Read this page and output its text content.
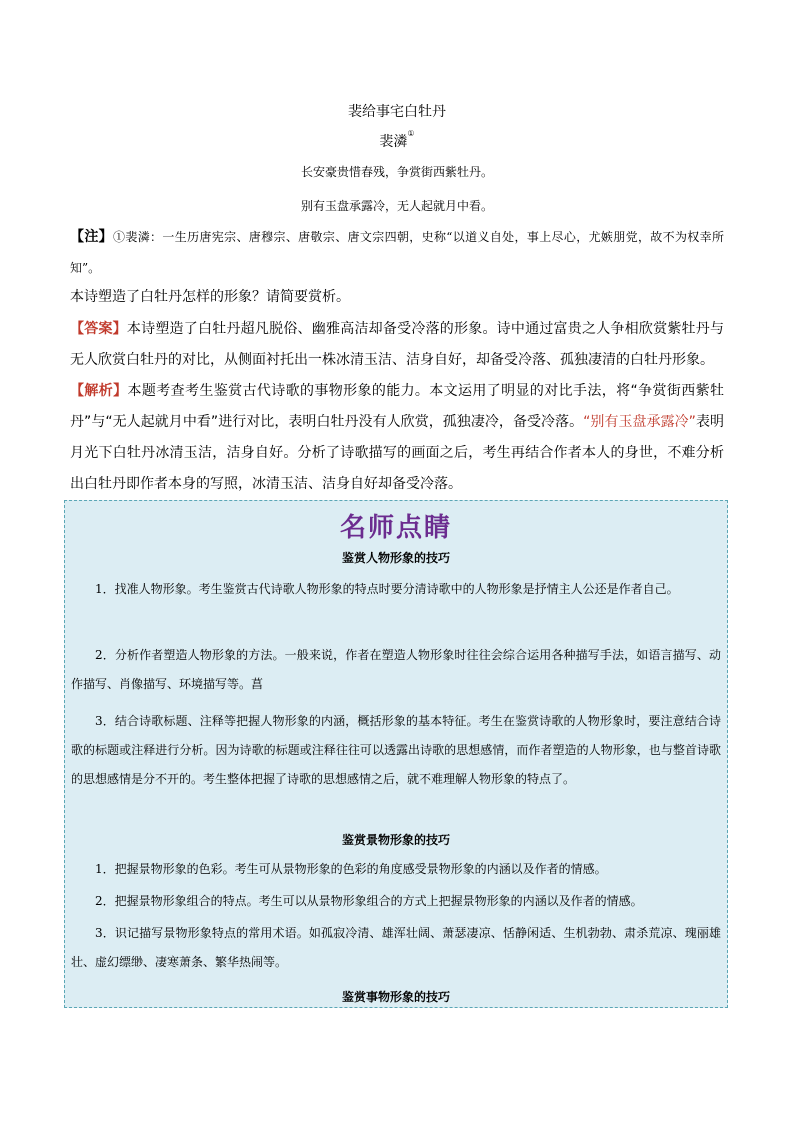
裴给事宅白牡丹
裴潾①
长安豪贵惜春残，争赏街西紫牡丹。
别有玉盘承露冷，无人起就月中看。
【注】①裴潾：一生历唐宪宗、唐穆宗、唐敬宗、唐文宗四朝，史称“以道义自处，事上尽心，尤嫉朋党，故不为权幸所知”。
本诗塑造了白牡丹怎样的形象？请简要赏析。
【答案】本诗塑造了白牡丹超凡脱俗、幽雅高洁却备受冷落的形象。诗中通过富贵之人争相欣赏紫牡丹与无人欣赏白牡丹的对比，从侧面衬托出一株冰清玉洁、洁身自好，却备受冷落、孤独凄清的白牡丹形象。
【解析】本题考查考生鉴赏古代诗歌的事物形象的能力。本文运用了明显的对比手法，将“争赏街西紫牡丹”与“无人起就月中看”进行对比，表明白牡丹没有人欣赏，孤独凄冷，备受冷落。“别有玉盘承露冷”表明月光下白牡丹冰清玉洁，洁身自好。分析了诗歌描写的画面之后，考生再结合作者本人的身世，不难分析出白牡丹即作者本身的写照，冰清玉洁、洁身自好却备受冷落。
名师点睛
鉴赏人物形象的技巧
1．找准人物形象。考生鉴赏古代诗歌人物形象的特点时要分清诗歌中的人物形象是抒情主人公还是作者自己。
2．分析作者塑造人物形象的方法。一般来说，作者在塑造人物形象时往往会综合运用各种描写手法，如语言描写、动作描写、肖像描写、环境描写等。菖
3．结合诗歌标题、注释等把握人物形象的内涵，概括形象的基本特征。考生在鉴赏诗歌的人物形象时，要注意结合诗歌的标题或注释进行分析。因为诗歌的标题或注释往往可以透露出诗歌的思想感情，而作者塑造的人物形象，也与整首诗歌的思想感情是分不开的。考生整体把握了诗歌的思想感情之后，就不难理解人物形象的特点了。
鉴赏景物形象的技巧
1．把握景物形象的色彩。考生可从景物形象的色彩的角度感受景物形象的内涵以及作者的情感。
2．把握景物形象组合的特点。考生可以从景物形象组合的方式上把握景物形象的内涵以及作者的情感。
3．识记描写景物形象特点的常用术语。如孤寂冷清、雄浑壮阔、萧瑟凄凉、恬静闲适、生机勃勃、肃杀荒凉、瑰丽雄壮、虚幻缥缈、凄寒萧条、繁华热闹等。
鉴赏事物形象的技巧
